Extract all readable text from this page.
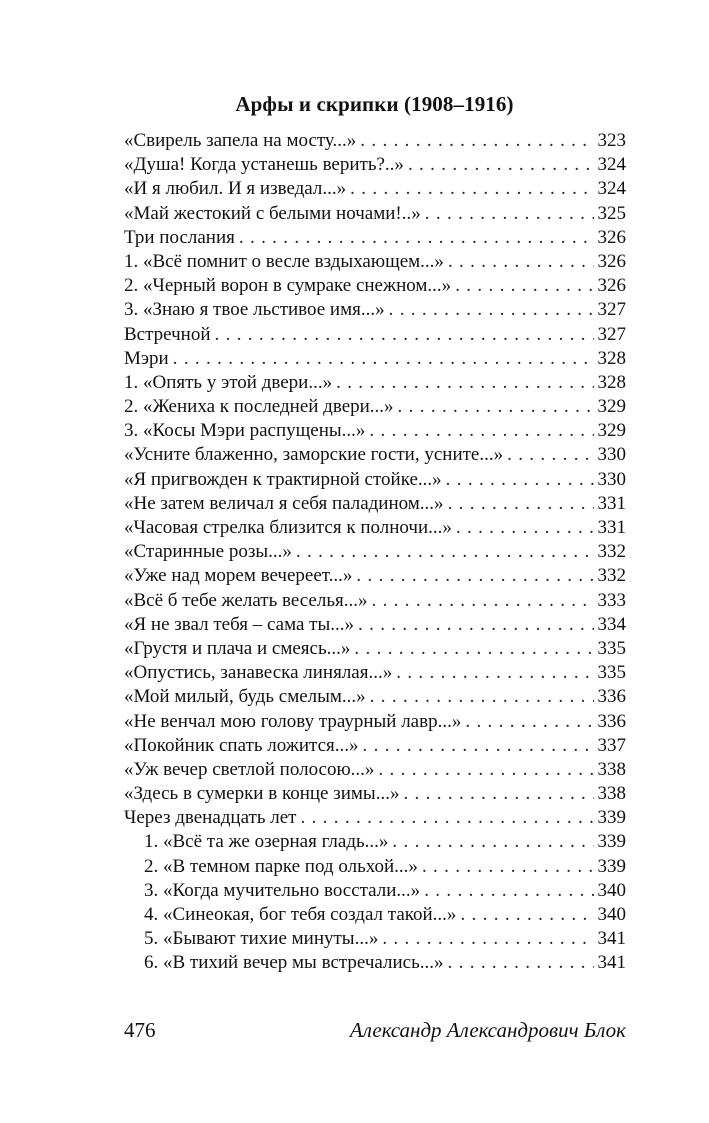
Арфы и скрипки (1908–1916)
«Свирель запела на мосту...» . . .	323
«Душа! Когда устанешь верить?..» . . .	324
«И я любил. И я изведал...» . . .	324
«Май жестокий с белыми ночами!..» . . .	325
Три послания . . .	326
1. «Всё помнит о весле вздыхающем...» . . .	326
2. «Черный ворон в сумраке снежном...» . . .	326
3. «Знаю я твое льстивое имя...» . . .	327
Встречной . . .	327
Мэри . . .	328
1. «Опять у этой двери...» . . .	328
2. «Жениха к последней двери...» . . .	329
3. «Косы Мэри распущены...» . . .	329
«Усните блаженно, заморские гости, усните...» . . .	330
«Я пригвожден к трактирной стойке...» . . .	330
«Не затем величал я себя паладином...» . . .	331
«Часовая стрелка близится к полночи...» . . .	331
«Старинные розы...» . . .	332
«Уже над морем вечереет...» . . .	332
«Всё б тебе желать веселья...» . . .	333
«Я не звал тебя – сама ты...» . . .	334
«Грустя и плача и смеясь...» . . .	335
«Опустись, занавеска линялая...» . . .	335
«Мой милый, будь смелым...» . . .	336
«Не венчал мою голову траурный лавр...» . . .	336
«Покойник спать ложится...» . . .	337
«Уж вечер светлой полосою...» . . .	338
«Здесь в сумерки в конце зимы...» . . .	338
Через двенадцать лет . . .	339
1. «Всё та же озерная гладь...» . . .	339
2. «В темном парке под ольхой...» . . .	339
3. «Когда мучительно восстали...» . . .	340
4. «Синеокая, бог тебя создал такой...» . . .	340
5. «Бывают тихие минуты...» . . .	341
6. «В тихий вечер мы встречались...» . . .	341
476	Александр Александрович Блок
